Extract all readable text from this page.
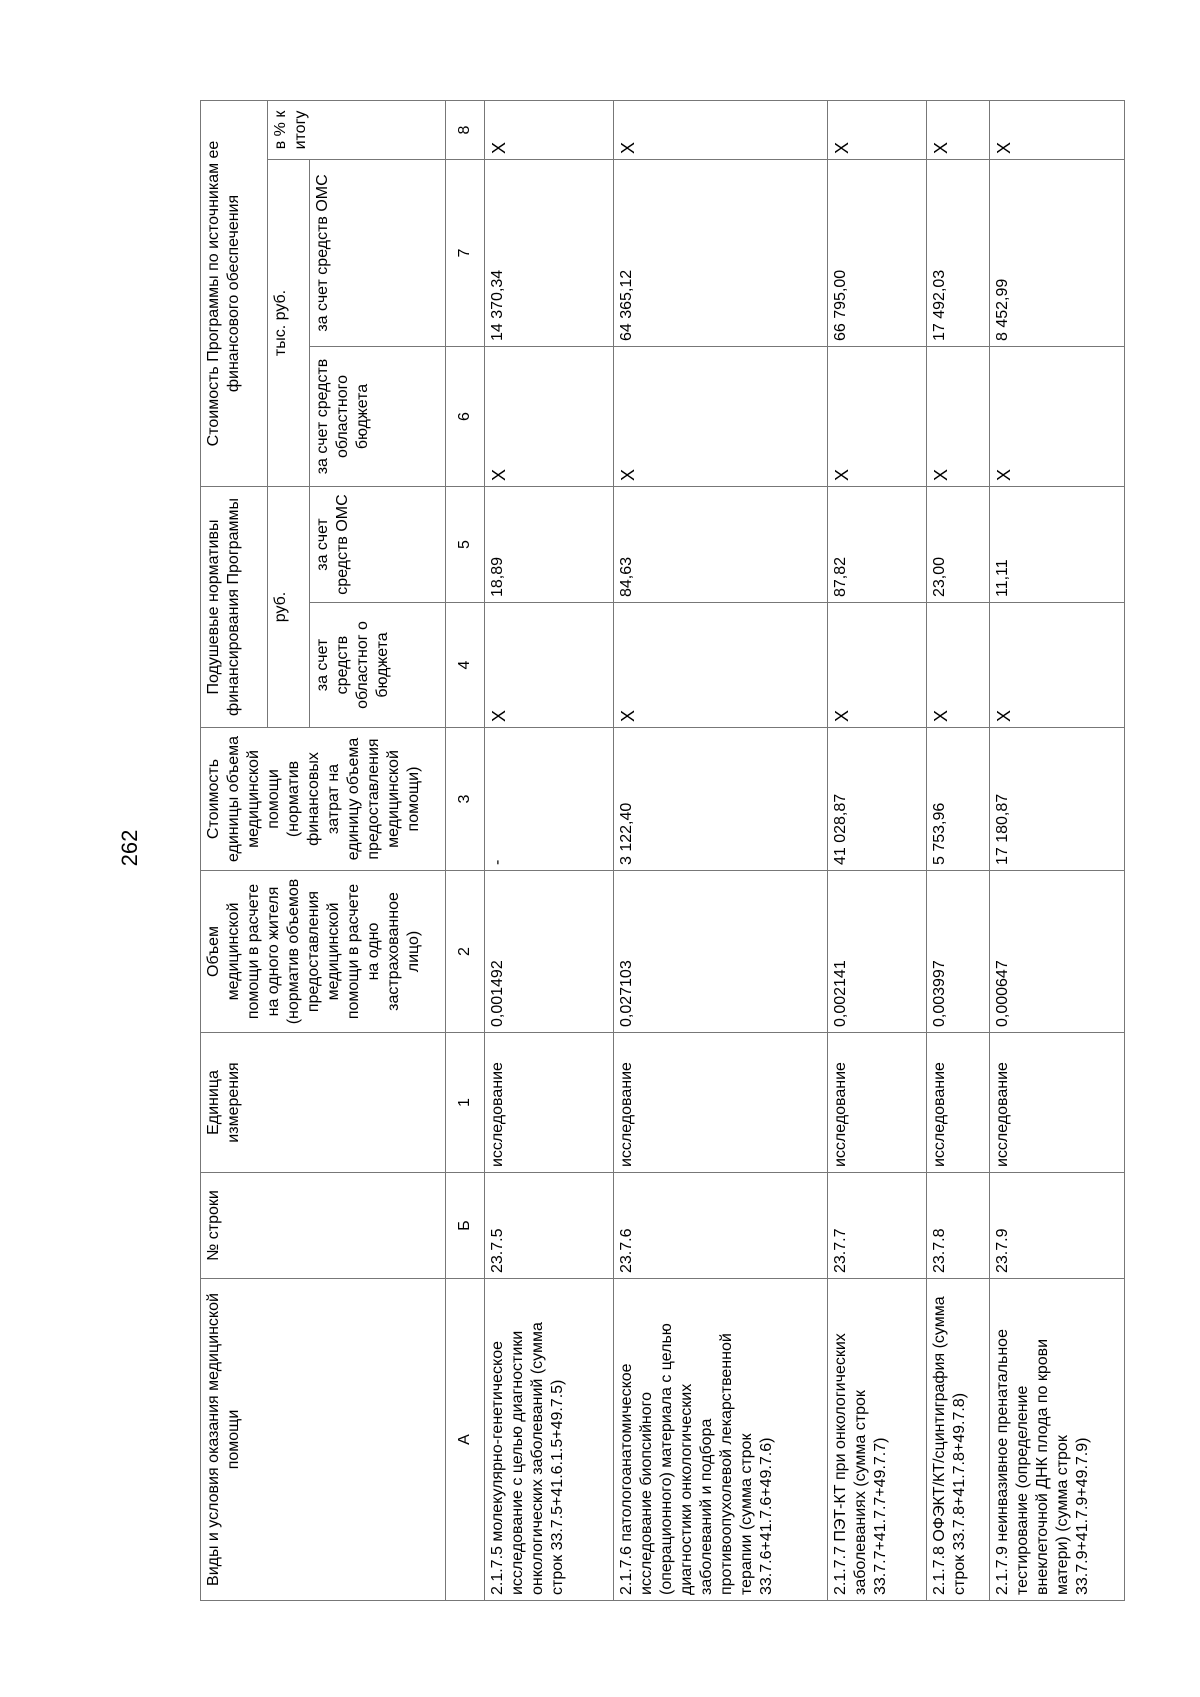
262
Виды и условия оказания медицинской помощи	№ строки	Единица измерения	Объем медицинской помощи в расчете на одного жителя (норматив объемов предоставления медицинской помощи в расчете на одно застрахованное лицо)	Стоимость единицы объема медицинской помощи (норматив финансовых затрат на единицу объема предоставления медицинской помощи)	Подушевые нормативы финансирования Программы		Стоимость Программы по источникам ее финансового обеспечения		
					руб.		тыс. руб.		в % к итогу
					за счет средств областног о бюджета	за счет средств ОМС	за счет средств областного бюджета	за счет средств ОМС	
А	Б	1	2	3	4	5	6	7	8
2.1.7.5 молекулярно-генетическое исследование с целью диагностики онкологических заболеваний (сумма строк 33.7.5+41.6.1.5+49.7.5)	23.7.5	исследование	0,001492	-	X	18,89	X	14 370,34	X
2.1.7.6 патологоанатомическое исследование биопсийного (операционного) материала с целью диагностики онкологических заболеваний и подбора противоопухолевой лекарственной терапии (сумма строк 33.7.6+41.7.6+49.7.6)	23.7.6	исследование	0,027103	3 122,40	X	84,63	X	64 365,12	X
2.1.7.7 ПЭТ-КТ при онкологических заболеваниях (сумма строк 33.7.7+41.7.7+49.7.7)	23.7.7	исследование	0,002141	41 028,87	X	87,82	X	66 795,00	X
2.1.7.8 ОФЭКТ/КТ/сцинтиграфия (сумма строк 33.7.8+41.7.8+49.7.8)	23.7.8	исследование	0,003997	5 753,96	X	23,00	X	17 492,03	X
2.1.7.9 неинвазивное пренатальное тестирование (определение внеклеточной ДНК плода по крови матери) (сумма строк 33.7.9+41.7.9+49.7.9)	23.7.9	исследование	0,000647	17 180,87	X	11,11	X	8 452,99	X
